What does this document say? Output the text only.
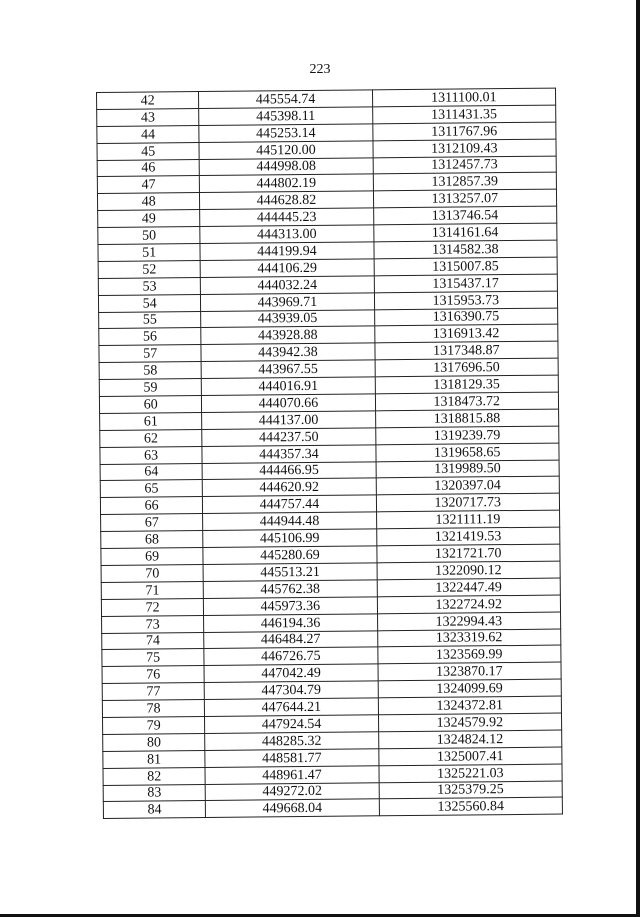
223
42	445554.74	1311100.01
43	445398.11	1311431.35
44	445253.14	1311767.96
45	445120.00	1312109.43
46	444998.08	1312457.73
47	444802.19	1312857.39
48	444628.82	1313257.07
49	444445.23	1313746.54
50	444313.00	1314161.64
51	444199.94	1314582.38
52	444106.29	1315007.85
53	444032.24	1315437.17
54	443969.71	1315953.73
55	443939.05	1316390.75
56	443928.88	1316913.42
57	443942.38	1317348.87
58	443967.55	1317696.50
59	444016.91	1318129.35
60	444070.66	1318473.72
61	444137.00	1318815.88
62	444237.50	1319239.79
63	444357.34	1319658.65
64	444466.95	1319989.50
65	444620.92	1320397.04
66	444757.44	1320717.73
67	444944.48	1321111.19
68	445106.99	1321419.53
69	445280.69	1321721.70
70	445513.21	1322090.12
71	445762.38	1322447.49
72	445973.36	1322724.92
73	446194.36	1322994.43
74	446484.27	1323319.62
75	446726.75	1323569.99
76	447042.49	1323870.17
77	447304.79	1324099.69
78	447644.21	1324372.81
79	447924.54	1324579.92
80	448285.32	1324824.12
81	448581.77	1325007.41
82	448961.47	1325221.03
83	449272.02	1325379.25
84	449668.04	1325560.84
